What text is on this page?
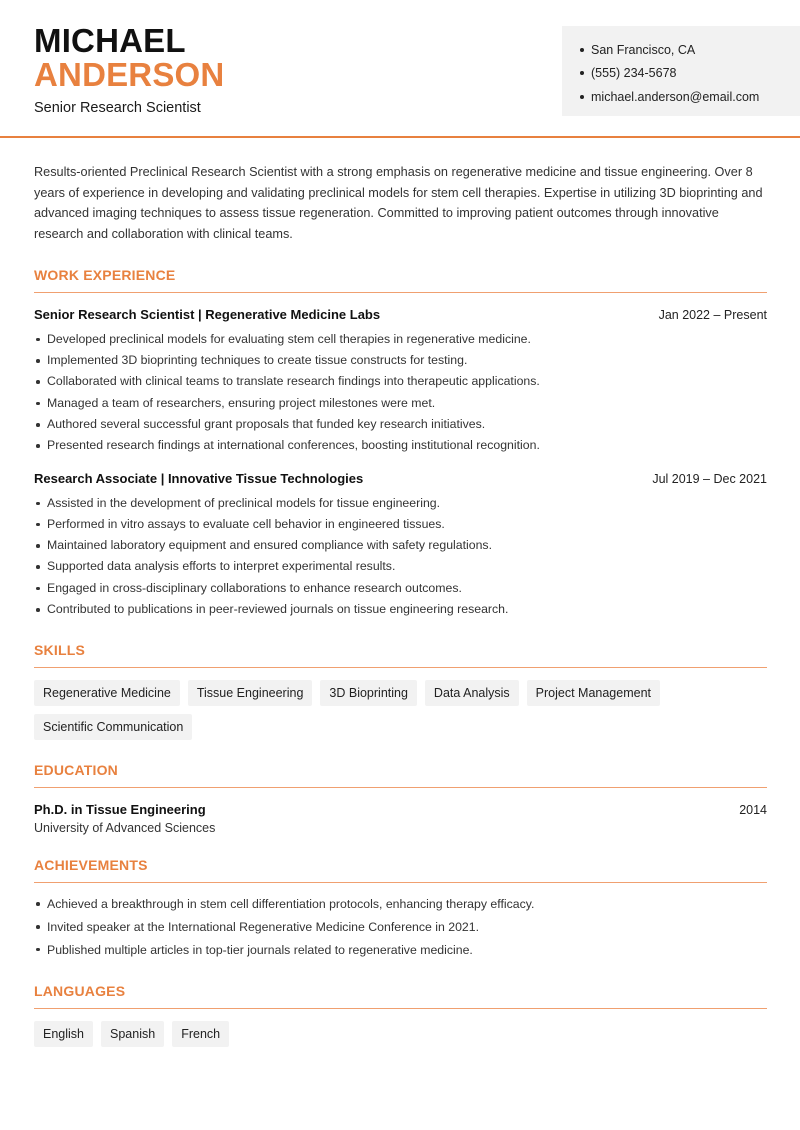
MICHAEL
ANDERSON
Senior Research Scientist
San Francisco, CA
(555) 234-5678
michael.anderson@email.com

Results-oriented Preclinical Research Scientist with a strong emphasis on regenerative medicine and tissue engineering. Over 8 years of experience in developing and validating preclinical models for stem cell therapies. Expertise in utilizing 3D bioprinting and advanced imaging techniques to assess tissue regeneration. Committed to improving patient outcomes through innovative research and collaboration with clinical teams.

WORK EXPERIENCE
Senior Research Scientist | Regenerative Medicine Labs	Jan 2022 – Present
Developed preclinical models for evaluating stem cell therapies in regenerative medicine.
Implemented 3D bioprinting techniques to create tissue constructs for testing.
Collaborated with clinical teams to translate research findings into therapeutic applications.
Managed a team of researchers, ensuring project milestones were met.
Authored several successful grant proposals that funded key research initiatives.
Presented research findings at international conferences, boosting institutional recognition.
Research Associate | Innovative Tissue Technologies	Jul 2019 – Dec 2021
Assisted in the development of preclinical models for tissue engineering.
Performed in vitro assays to evaluate cell behavior in engineered tissues.
Maintained laboratory equipment and ensured compliance with safety regulations.
Supported data analysis efforts to interpret experimental results.
Engaged in cross-disciplinary collaborations to enhance research outcomes.
Contributed to publications in peer-reviewed journals on tissue engineering research.
SKILLS
Regenerative Medicine	Tissue Engineering	3D Bioprinting	Data Analysis	Project Management
Scientific Communication
EDUCATION
Ph.D. in Tissue Engineering	2014
University of Advanced Sciences
ACHIEVEMENTS
Achieved a breakthrough in stem cell differentiation protocols, enhancing therapy efficacy.
Invited speaker at the International Regenerative Medicine Conference in 2021.
Published multiple articles in top-tier journals related to regenerative medicine.
LANGUAGES
English	Spanish	French
